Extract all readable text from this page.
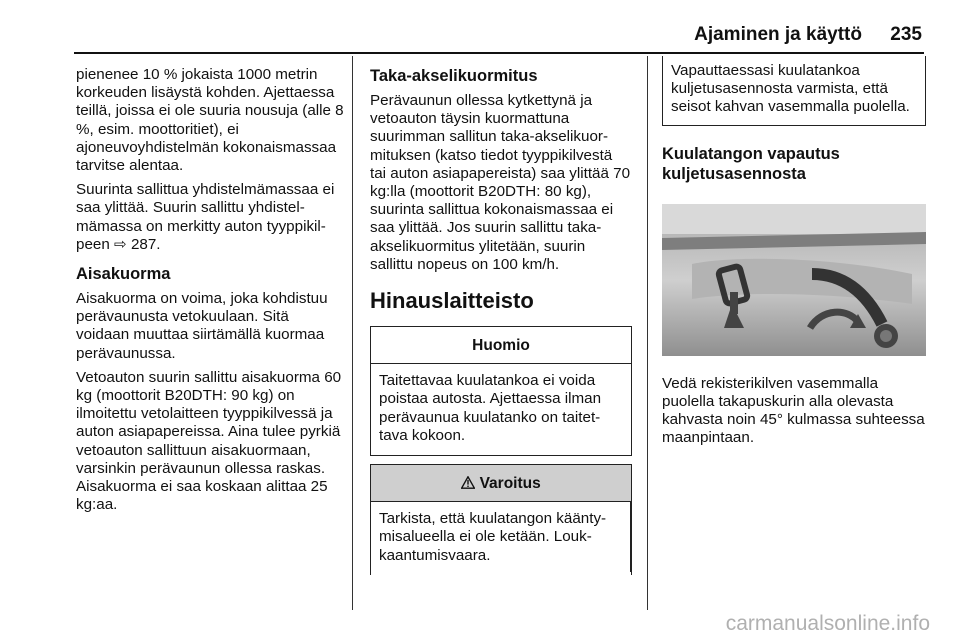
Ajaminen ja käyttö 235

pienenee 10 % jokaista 1000 metrin korkeuden lisäystä kohden. Ajettaessa teillä, joissa ei ole suuria nousuja (alle 8 %, esim. moottoritiet), ei ajoneuvoyhdistelmän kokonaismassaa tarvitse alentaa.

Suurinta sallittua yhdistelmämassaa ei saa ylittää. Suurin sallittu yhdistelmämassa on merkitty auton tyyppikilpeen ⇨ 287.

Aisakuorma

Aisakuorma on voima, joka kohdistuu perävaunusta vetokuulaan. Sitä voidaan muuttaa siirtämällä kuormaa perävaunussa.

Vetoauton suurin sallittu aisakuorma 60 kg (moottorit B20DTH: 90 kg) on ilmoitettu vetolaitteen tyyppikilvessä ja auton asiapapereissa. Aina tulee pyrkiä vetoauton sallittuun aisakuormaan, varsinkin perävaunun ollessa raskas. Aisakuorma ei saa koskaan alittaa 25 kg:aa.

Taka-akselikuormitus

Perävaunun ollessa kytkettynä ja vetoauton täysin kuormattuna suurimman sallitun taka-akselikuormituksen (katso tiedot tyyppikilvestä tai auton asiapapereista) saa ylittää 70 kg:lla (moottorit B20DTH: 80 kg), suurinta sallittua kokonaismassaa ei saa ylittää. Jos suurin sallittu taka-akselikuormitus ylitetään, suurin sallittu nopeus on 100 km/h.

Hinauslaitteisto
Huomio
Taitettavaa kuulatankoa ei voida poistaa autosta. Ajettaessa ilman perävaunua kuulatanko on taitettava kokoon.
Varoitus
Tarkista, että kuulatangon kääntymisalueella ei ole ketään. Loukkaantumisvaara.
Vapauttaessasi kuulatankoa kuljetusasennosta varmista, että seisot kahvan vasemmalla puolella.
Kuulatangon vapautus kuljetusasennosta

Vedä rekisterikilven vasemmalla puolella takapuskurin alla olevasta kahvasta noin 45° kulmassa suhteessa maanpintaan.

carmanualsonline.info
